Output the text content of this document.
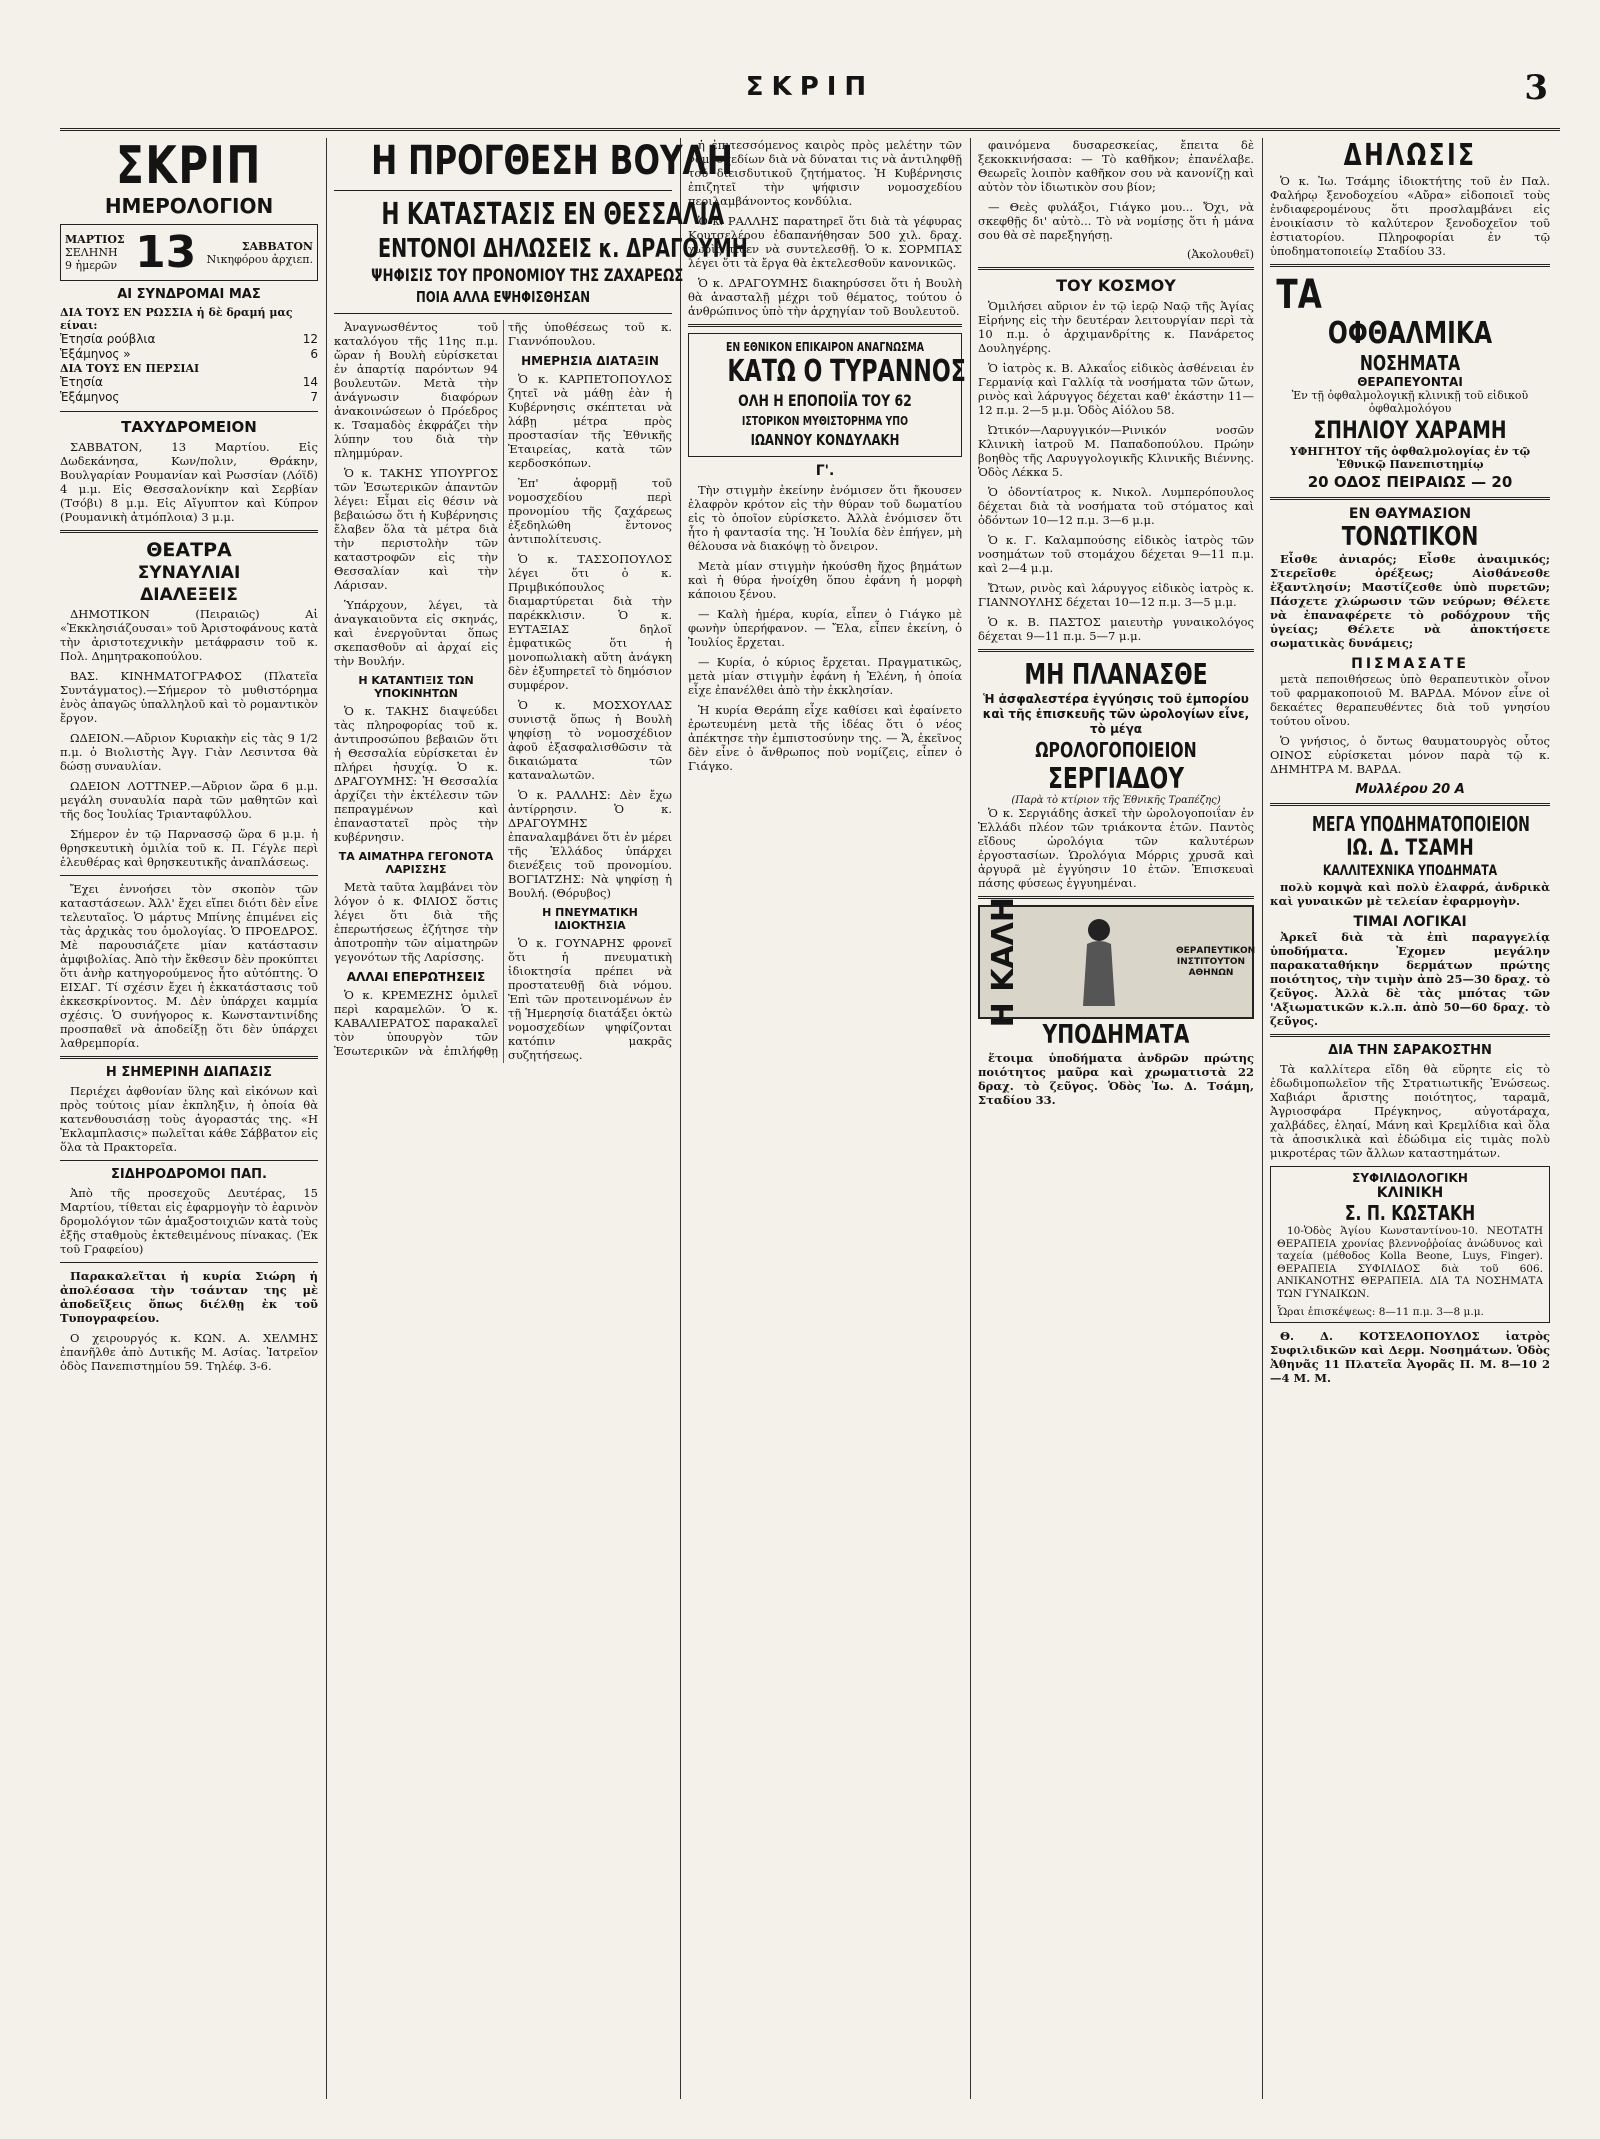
ΣΚΡΙΠ	3
ΣΚΡΙΠ
ΗΜΕΡΟΛΟΓΙΟΝ
ΜΑΡΤΙΟΣ
ΣΕΛΗΝΗ
9 ἡμερῶν 13	ΣΑΒΒΑΤΟΝ
Νικηφόρου ἀρχιεπ.
ΑΙ ΣΥΝΔΡΟΜΑΙ ΜΑΣ
ΔΙΑ ΤΟΥΣ ΕΝ ΡΩΣΣΙΑ ἡ δὲ δραμή μας είναι:
Ἐτησία ρούβλια	12
Ἑξάμηνος »	6
ΔΙΑ ΤΟΥΣ ΕΝ ΠΕΡΣΙΑΙ
Ἐτησία	14
Ἑξάμηνος	7
ΤΑΧΥΔΡΟΜΕΙΟΝ

ΣΑΒΒΑΤΟΝ, 13 Μαρτίου. Εἰς Δωδεκάνησα, Κων/πολιν, Θράκην, Βουλγαρίαν Ρουμανίαν καὶ Ρωσσίαν (Λόϊδ) 4 μ.μ. Εἰς Θεσσαλονίκην καὶ Σερβίαν (Τσόβι) 8 μ.μ. Εἰς Αἴγυπτον καὶ Κύπρον (Ρουμανικὴ ἀτμόπλοια) 3 μ.μ.

ΘΕΑΤΡΑ
ΣΥΝΑΥΛΙΑΙ
ΔΙΑΛΕΞΕΙΣ

ΔΗΜΟΤΙΚΟΝ (Πειραιῶς) Αἱ «Ἐκκλησιάζουσαι» τοῦ Ἀριστοφάνους κατὰ τὴν ἀριστοτεχνικὴν μετάφρασιν τοῦ κ. Πολ. Δημητρακοπούλου.

ΒΑΣ. ΚΙΝΗΜΑΤΟΓΡΑΦΟΣ (Πλατεῖα Συντάγματος).—Σήμερον τὸ μυθιστόρημα ἑνὸς ἀπαγῶς ὑπαλληλοῦ καὶ τὸ ρομαντικὸν ἔργον.

ΩΔΕΙΟΝ.—Αὔριον Κυριακὴν εἰς τὰς 9 1/2 π.μ. ὁ Βιολιστὴς Ἀγγ. Γιὰν Λεσιντσα θὰ δώσῃ συναυλίαν.

ΩΔΕΙΟΝ ΛΟΤΤΝΕΡ.—Αὔριον ὥρα 6 μ.μ. μεγάλη συναυλία παρὰ τῶν μαθητῶν καὶ τῆς δος Ἰουλίας Τριανταφύλλου.

Σήμερον ἐν τῷ Παρνασσῷ ὥρα 6 μ.μ. ἡ θρησκευτικὴ ὁμιλία τοῦ κ. Π. Γέγλε περὶ ἐλευθέρας καὶ θρησκευτικῆς ἀναπλάσεως.

Ἔχει ἐννοήσει τὸν σκοπὸν τῶν καταστάσεων. Ἀλλ' ἔχει εἴπει διότι δὲν εἶνε τελευταῖος. Ὁ μάρτυς Μπίνης ἐπιμένει εἰς τὰς ἀρχικὰς του ὁμολογίας. Ὁ ΠΡΟΕΔΡΟΣ. Μὲ παρουσιάζετε μίαν κατάστασιν ἀμφιβολίας. Ἀπὸ τὴν ἔκθεσιν δὲν προκύπτει ὅτι ἀνὴρ κατηγορούμενος ἦτο αὐτόπτης. Ὁ ΕΙΣΑΓ. Τί σχέσιν ἔχει ἡ ἐκκατάστασις τοῦ ἐκκεσκρίνοντος. Μ. Δὲν ὑπάρχει καμμία σχέσις. Ὁ συνήγορος κ. Κωνσταντινίδης προσπαθεῖ νὰ ἀποδείξῃ ὅτι δὲν ὑπάρχει λαθρεμπορία.

Η ΣΗΜΕΡΙΝΗ ΔΙΑΠΑΣΙΣ

Περιέχει ἀφθονίαν ὕλης καὶ εἰκόνων καὶ πρὸς τούτοις μίαν ἐκπληξιν, ἡ ὁποία θὰ κατενθουσιάσῃ τοὺς ἀγοραστάς της. «Η Ἐκλαμπλασις» πωλεῖται κάθε Σάββατον εἰς ὅλα τὰ Πρακτορεῖα.

ΣΙΔΗΡΟΔΡΟΜΟΙ ΠΑΠ.

Ἀπὸ τῆς προσεχοῦς Δευτέρας, 15 Μαρτίου, τίθεται εἰς ἐφαρμογὴν τὸ ἐαρινὸν δρομολόγιον τῶν ἁμαξοστοιχιῶν κατὰ τοὺς ἐξῆς σταθμοὺς ἐκτεθειμένους πίνακας. (Ἐκ τοῦ Γραφείου)

Παρακαλεῖται ἡ κυρία Σιώρη ἡ ἀπολέσασα τὴν τσάνταν της μὲ ἀποδεῖξεις ὅπως διέλθῃ ἐκ τοῦ Τυπογραφείου.

Ο χειρουργός κ. ΚΩΝ. Α. ΧΕΛΜΗΣ ἐπανῆλθε ἀπὸ Δυτικῆς Μ. Ασίας. Ἰατρεῖον ὁδὸς Πανεπιστημίου 59. Τηλέφ. 3-6.

Η ΠΡΟΓΘΕΣΗ ΒΟΥΛΗ
Η ΚΑΤΑΣΤΑΣΙΣ ΕΝ ΘΕΣΣΑΛΙΑ
ΕΝΤΟΝΟΙ ΔΗΛΩΣΕΙΣ κ. ΔΡΑΓΟΥΜΗ
ΨΗΦΙΣΙΣ ΤΟΥ ΠΡΟΝΟΜΙΟΥ ΤΗΣ ΖΑΧΑΡΕΩΣ
ΠΟΙΑ ΑΛΛΑ ΕΨΗΦΙΣΘΗΣΑΝ

Ἀναγνωσθέντος τοῦ καταλόγου τῆς 11ης π.μ. ὥραν ἡ Βουλὴ εὑρίσκεται ἐν ἀπαρτίᾳ παρόντων 94 βουλευτῶν. Μετὰ τὴν ἀνάγνωσιν διαφόρων ἀνακοινώσεων ὁ Πρόεδρος κ. Τσαμαδὸς ἐκφράζει τὴν λύπην του διὰ τὴν πλημμύραν.

Ὁ κ. ΤΑΚΗΣ ΥΠΟΥΡΓΟΣ τῶν Ἐσωτερικῶν ἀπαντῶν λέγει: Εἶμαι εἰς θέσιν νὰ βεβαιώσω ὅτι ἡ Κυβέρνησις ἔλαβεν ὅλα τὰ μέτρα διὰ τὴν περιστολὴν τῶν καταστροφῶν εἰς τὴν Θεσσαλίαν καὶ τὴν Λάρισαν.

Ὑπάρχουν, λέγει, τὰ ἀναγκαιοῦντα εἰς σκηνάς, καὶ ἐνεργοῦνται ὅπως σκεπασθοῦν αἱ ἀρχαί εἰς τὴν Βουλήν.

Η ΚΑΤΑΝΤΙΞΙΣ ΤΩΝ ΥΠΟΚΙΝΗΤΩΝ

Ὁ κ. ΤΑΚΗΣ διαψεύδει τὰς πληροφορίας τοῦ κ. ἀντιπροσώπου βεβαιῶν ὅτι ἡ Θεσσαλία εὑρίσκεται ἐν πλήρει ἡσυχίᾳ. Ὁ κ. ΔΡΑΓΟΥΜΗΣ: Ἡ Θεσσαλία ἀρχίζει τὴν ἐκτέλεσιν τῶν πεπραγμένων καὶ ἐπαναστατεῖ πρὸς τὴν κυβέρνησιν.

ΤΑ ΑΙΜΑΤΗΡΑ ΓΕΓΟΝΟΤΑ ΛΑΡΙΣΣΗΣ

Μετὰ ταῦτα λαμβάνει τὸν λόγον ὁ κ. ΦΙΛΙΟΣ ὅστις λέγει ὅτι διὰ τῆς ἐπερωτήσεως ἐζήτησε τὴν ἀποτροπὴν τῶν αἱματηρῶν γεγονότων τῆς Λαρίσσης.

ΑΛΛΑΙ ΕΠΕΡΩΤΗΣΕΙΣ

Ὁ κ. ΚΡΕΜΕΖΗΣ ὁμιλεῖ περὶ καραμελῶν. Ὁ κ. ΚΑΒΑΛΙΕΡΑΤΟΣ παρακαλεῖ τὸν ὑπουργὸν τῶν Ἐσωτερικῶν νὰ ἐπιλήφθῃ τῆς ὑποθέσεως τοῦ κ. Γιαννόπουλου.

ΗΜΕΡΗΣΙΑ ΔΙΑΤΑΞΙΝ

Ὁ κ. ΚΑΡΠΕΤΟΠΟΥΛΟΣ ζητεῖ νὰ μάθῃ ἐὰν ἡ Κυβέρνησις σκέπτεται νὰ λάβῃ μέτρα πρὸς προστασίαν τῆς Ἐθνικῆς Ἑταιρείας, κατὰ τῶν κερδοσκόπων.

Ἐπ' ἀφορμῇ τοῦ νομοσχεδίου περὶ προνομίου τῆς ζαχάρεως ἐξεδηλώθη ἔντονος ἀντιπολίτευσις.

Ὁ κ. ΤΑΣΣΟΠΟΥΛΟΣ λέγει ὅτι ὁ κ. Πριμβικόπουλος διαμαρτύρεται διὰ τὴν παρέκκλισιν. Ὁ κ. ΕΥΤΑΞΙΑΣ δηλοῖ ἐμφατικῶς ὅτι ἡ μονοπωλιακὴ αὕτη ἀνάγκη δὲν ἐξυπηρετεῖ τὸ δημόσιον συμφέρον.

Ὁ κ. ΜΟΣΧΟΥΛΑΣ συνιστᾷ ὅπως ἡ Βουλὴ ψηφίσῃ τὸ νομοσχέδιον ἀφοῦ ἐξασφαλισθῶσιν τὰ δικαιώματα τῶν καταναλωτῶν.

Ὁ κ. ΡΑΛΛΗΣ: Δὲν ἔχω ἀντίρρησιν. Ὁ κ. ΔΡΑΓΟΥΜΗΣ ἐπαναλαμβάνει ὅτι ἐν μέρει τῆς Ἑλλάδος ὑπάρχει διενέξεις τοῦ προνομίου. ΒΟΓΙΑΤΖΗΣ: Νὰ ψηφίσῃ ἡ Βουλή. (Θόρυβος)

Η ΠΝΕΥΜΑΤΙΚΗ ΙΔΙΟΚΤΗΣΙΑ

Ὁ κ. ΓΟΥΝΑΡΗΣ φρονεῖ ὅτι ἡ πνευματικὴ ἰδιοκτησία πρέπει νὰ προστατευθῇ διὰ νόμου. Ἐπὶ τῶν προτεινομένων ἐν τῇ Ἡμερησίᾳ διατάξει ὀκτὼ νομοσχεδίων ψηφίζονται κατόπιν μακρᾶς συζητήσεως.

ἡ ἐπιτεσσόμενος καιρὸς πρὸς μελέτην τῶν νομοσχεδίων διὰ νὰ δύναται τις νὰ ἀντιληφθῇ τοῦ διεισδυτικοῦ ζητήματος. Ἡ Κυβέρνησις ἐπιζητεῖ τὴν ψήφισιν νομοσχεδίου περιλαμβάνοντος κονδύλια.

Ὁ κ. ΡΑΛΛΗΣ παρατηρεῖ ὅτι διὰ τὰ γέφυρας Κουτσελέρου ἐδαπανήθησαν 500 χιλ. δραχ. χωρὶς τίθεν νὰ συντελεσθῇ. Ὁ κ. ΣΟΡΜΠΑΣ λέγει ὅτι τὰ ἔργα θὰ ἐκτελεσθοῦν κανονικῶς.

Ὁ κ. ΔΡΑΓΟΥΜΗΣ διακηρύσσει ὅτι ἡ Βουλὴ θὰ ἀνασταλῇ μέχρι τοῦ θέματος, τούτου ὁ ἀνθρώπινος ὑπὸ τὴν ἀρχηγίαν τοῦ Βουλευτοῦ.

ΕΝ ΕΘΝΙΚΟΝ ΕΠΙΚΑΙΡΟΝ ΑΝΑΓΝΩΣΜΑ
ΚΑΤΩ Ο ΤΥΡΑΝΝΟΣ
ΟΛΗ Η ΕΠΟΠΟΙΪΑ ΤΟΥ 62
ΙΣΤΟΡΙΚΟΝ ΜΥΘΙΣΤΟΡΗΜΑ ΥΠΟ
ΙΩΑΝΝΟΥ ΚΟΝΔΥΛΑΚΗ
Γ'.

Τὴν στιγμὴν ἐκείνην ἐνόμισεν ὅτι ἤκουσεν ἐλαφρὸν κρότον εἰς τὴν θύραν τοῦ δωματίου εἰς τὸ ὁποῖον εὑρίσκετο. Ἀλλὰ ἐνόμισεν ὅτι ἦτο ἡ φαντασία της. Ἡ Ἰουλία δὲν ἐπήγεν, μὴ θέλουσα νὰ διακόψῃ τὸ ὄνειρον.

Μετὰ μίαν στιγμὴν ἠκούσθη ἤχος βημάτων καὶ ἡ θύρα ἠνοίχθη ὅπου ἐφάνη ἡ μορφὴ κάποιου ξένου.

— Καλὴ ἡμέρα, κυρία, εἶπεν ὁ Γιάγκο μὲ φωνὴν ὑπερήφανον. — Ἔλα, εἶπεν ἐκείνη, ὁ Ἰουλίος ἔρχεται.

— Κυρία, ὁ κύριος ἔρχεται. Πραγματικῶς, μετὰ μίαν στιγμὴν ἐφάνη ἡ Ἑλένη, ἡ ὁποία εἶχε ἐπανέλθει ἀπὸ τὴν ἐκκλησίαν.

Ἡ κυρία Θεράπη εἶχε καθίσει καὶ ἐφαίνετο ἐρωτευμένη μετὰ τῆς ἰδέας ὅτι ὁ νέος ἀπέκτησε τὴν ἐμπιστοσύνην της. — Ἄ, ἐκεῖνος δὲν εἶνε ὁ ἄνθρωπος ποὺ νομίζεις, εἶπεν ὁ Γιάγκο.

φαινόμενα δυσαρεσκείας, ἔπειτα δὲ ξεκοκκινήσασα: — Τὸ καθῆκον; ἐπανέλαβε. Θεωρεῖς λοιπὸν καθῆκον σου νὰ κανονίζῃ καὶ αὐτὸν τὸν ἰδιωτικὸν σου βίον;

— Θεὲς φυλάξοι, Γιάγκο μου... Ὄχι, νὰ σκεφθῇς δι' αὐτὸ... Τὸ νὰ νομίσῃς ὅτι ἡ μάνα σου θὰ σὲ παρεξηγήσῃ.

(Ἀκολουθεῖ)
ΤΟΥ ΚΟΣΜΟΥ

Ὁμιλήσει αὔριον ἐν τῷ ἱερῷ Ναῷ τῆς Ἁγίας Εἰρήνης εἰς τὴν δευτέραν λειτουργίαν περὶ τὰ 10 π.μ. ὁ ἀρχιμανδρίτης κ. Πανάρετος Δουληγέρης.

Ὁ ἰατρὸς κ. Β. Αλκαΐος εἰδικὸς ἀσθένειαι ἐν Γερμανίᾳ καὶ Γαλλίᾳ τὰ νοσήματα τῶν ὤτων, ρινὸς καὶ λάρυγγος δέχεται καθ' ἑκάστην 11—12 π.μ. 2—5 μ.μ. Ὁδὸς Αἰόλου 58.

Ὠτικόν—Λαρυγγικόν—Ρινικόν νοσῶν Κλινικὴ ἰατροῦ Μ. Παπαδοπούλου. Πρώην βοηθὸς τῆς Λαρυγγολογικῆς Κλινικῆς Βιέννης. Ὁδὸς Λέκκα 5.

Ὁ ὀδοντίατρος κ. Νικολ. Λυμπερόπουλος δέχεται διὰ τὰ νοσήματα τοῦ στόματος καὶ ὀδόντων 10—12 π.μ. 3—6 μ.μ.

Ὁ κ. Γ. Καλαμπούσης εἰδικὸς ἰατρὸς τῶν νοσημάτων τοῦ στομάχου δέχεται 9—11 π.μ. καὶ 2—4 μ.μ.

Ὤτων, ρινὸς καὶ λάρυγγος εἰδικὸς ἰατρὸς κ. ΓΙΑΝΝΟΥΛΗΣ δέχεται 10—12 π.μ. 3—5 μ.μ.

Ὁ κ. Β. ΠΑΣΤΟΣ μαιευτὴρ γυναικολόγος δέχεται 9—11 π.μ. 5—7 μ.μ.

ΜΗ ΠΛΑΝΑΣΘΕ
Ἡ ἀσφαλεστέρα ἐγγύησις τοῦ ἐμπορίου καὶ τῆς ἐπισκευῆς τῶν ὡρολογίων εἶνε, τὸ μέγα
ΩΡΟΛΟΓΟΠΟΙΕΙΟΝ
ΣΕΡΓΙΑΔΟΥ
(Παρὰ τὸ κτίριον τῆς Ἐθνικῆς Τραπέζης)

Ὁ κ. Σεργιάδης ἀσκεῖ τὴν ὡρολογοποιΐαν ἐν Ἑλλάδι πλέον τῶν τριάκοντα ἐτῶν. Παντὸς εἴδους ὡρολόγια τῶν καλυτέρων ἐργοστασίων. Ὡρολόγια Μόρρις χρυσᾶ καὶ ἀργυρᾶ μὲ ἐγγύησιν 10 ἐτῶν. Ἐπισκευαὶ πάσης φύσεως ἐγγυημέναι.

Η ΚΑΛΗ	ΘΕΡΑΠΕΥΤΙΚΟΝ ΙΝΣΤΙΤΟΥΤΟΝ ΑΘΗΝΩΝ
ΥΠΟΔΗΜΑΤΑ

ἕτοιμα ὑποδήματα ἀνδρῶν πρώτης ποιότητος μαῦρα καὶ χρωματιστὰ 22 δραχ. τὸ ζεῦγος. Ὁδὸς Ἰω. Δ. Τσάμη, Σταδίου 33.

ΔΗΛΩΣΙΣ

Ὁ κ. Ἰω. Τσάμης ἰδιοκτήτης τοῦ ἐν Παλ. Φαλήρῳ ξενοδοχείου «Αὔρα» εἰδοποιεῖ τοὺς ἐνδιαφερομένους ὅτι προσλαμβάνει εἰς ἐνοικίασιν τὸ καλύτερον ξενοδοχεῖον τοῦ ἐστιατορίου. Πληροφορίαι ἐν τῷ ὑποδηματοποιείῳ Σταδίου 33.

ΤΑ
ΟΦΘΑΛΜΙΚΑ
ΝΟΣΗΜΑΤΑ
ΘΕΡΑΠΕΥΟΝΤΑΙ
Ἐν τῇ ὀφθαλμολογικῇ κλινικῇ τοῦ εἰδικοῦ ὀφθαλμολόγου
ΣΠΗΛΙΟΥ ΧΑΡΑΜΗ
ΥΦΗΓΗΤΟΥ τῆς ὀφθαλμολογίας ἐν τῷ Ἐθνικῷ Πανεπιστημίῳ
20 ΟΔΟΣ ΠΕΙΡΑΙΩΣ — 20
ΕΝ ΘΑΥΜΑΣΙΟΝ
ΤΟΝΩΤΙΚΟΝ

Εἶσθε ἀνιαρός; Εἶσθε ἀναιμικός; Στερεῖσθε ὀρέξεως; Αἰσθάνεσθε ἐξαντλησίν; Μαστίζεσθε ὑπὸ πυρετῶν; Πάσχετε χλώρωσιν τῶν νεύρων; Θέλετε νὰ ἐπαναφέρετε τὸ ροδόχρουν τῆς ὑγείας; Θέλετε νὰ ἀποκτήσετε σωματικὰς δυνάμεις;

ΠΙΣΜΑΣΑΤΕ

μετὰ πεποιθήσεως ὑπὸ θεραπευτικὸν οἶνον τοῦ φαρμακοποιοῦ Μ. ΒΑΡΔΑ. Μόνον εἶνε οἱ δεκαέτες θεραπευθέντες διὰ τοῦ γνησίου τούτου οἴνου.

Ὁ γνήσιος, ὁ ὄντως θαυματουργὸς οὗτος ΟΙΝΟΣ εὑρίσκεται μόνον παρὰ τῷ κ. ΔΗΜΗΤΡΑ Μ. ΒΑΡΔΑ.

Μυλλέρου 20 Α
ΜΕΓΑ ΥΠΟΔΗΜΑΤΟΠΟΙΕΙΟΝ
ΙΩ. Δ. ΤΣΑΜΗ
ΚΑΛΛΙΤΕΧΝΙΚΑ ΥΠΟΔΗΜΑΤΑ

πολὺ κομψὰ καὶ πολὺ ἐλαφρά, ἀνδρικὰ καὶ γυναικῶν μὲ τελείαν ἐφαρμογὴν.

ΤΙΜΑΙ ΛΟΓΙΚΑΙ

Ἀρκεῖ διὰ τὰ ἐπὶ παραγγελίᾳ ὑποδήματα. Ἐχομεν μεγάλην παρακαταθήκην δερμάτων πρώτης ποιότητος, τὴν τιμὴν ἀπὸ 25—30 δραχ. τὸ ζεῦγος. Ἀλλὰ δὲ τὰς μπότας τῶν 'Αξιωματικῶν κ.λ.π. ἀπὸ 50—60 δραχ. τὸ ζεῦγος.

ΔΙΑ ΤΗΝ ΣΑΡΑΚΟΣΤΗΝ

Τὰ καλλίτερα εἴδη θὰ εὕρητε εἰς τὸ ἐδωδιμοπωλεῖον τῆς Στρατιωτικῆς Ἐνώσεως. Χαβιάρι ἄριστης ποιότητος, ταραμᾶ, Ἀγριοσφάρα Πρέγκηνος, αὐγοτάραχα, χαλβάδες, ἐληαί, Μάνη καὶ Κρεμλίδια καὶ ὅλα τὰ ἀποσικλικὰ καὶ ἐδώδιμα εἰς τιμὰς πολὺ μικροτέρας τῶν ἄλλων καταστημάτων.

ΣΥΦΙΛΙΔΟΛΟΓΙΚΗ
ΚΛΙΝΙΚΗ
Σ. Π. ΚΩΣΤΑΚΗ

10-Ὁδὸς Ἁγίου Κωνσταντίνου-10. ΝΕΟΤΑΤΗ ΘΕΡΑΠΕΙΑ χρονίας βλεννοῤῥοίας ἀνώδυνος καὶ ταχεία (μέθοδος Kolla Beone, Luys, Finger). ΘΕΡΑΠΕΙΑ ΣΥΦΙΛΙΔΟΣ διὰ τοῦ 606. ΑΝΙΚΑΝΟΤΗΣ ΘΕΡΑΠΕΙΑ. ΔΙΑ ΤΑ ΝΟΣΗΜΑΤΑ ΤΩΝ ΓΥΝΑΙΚΩΝ.

Ὧραι ἐπισκέψεως: 8—11 π.μ. 3—8 μ.μ.

Θ. Δ. ΚΟΤΣΕΛΟΠΟΥΛΟΣ ἰατρὸς Συφιλιδικῶν καὶ Δερμ. Νοσημάτων. Ὁδὸς Ἀθηνᾶς 11 Πλατεῖα Ἀγορᾶς Π. Μ. 8—10 2—4 Μ. Μ.
